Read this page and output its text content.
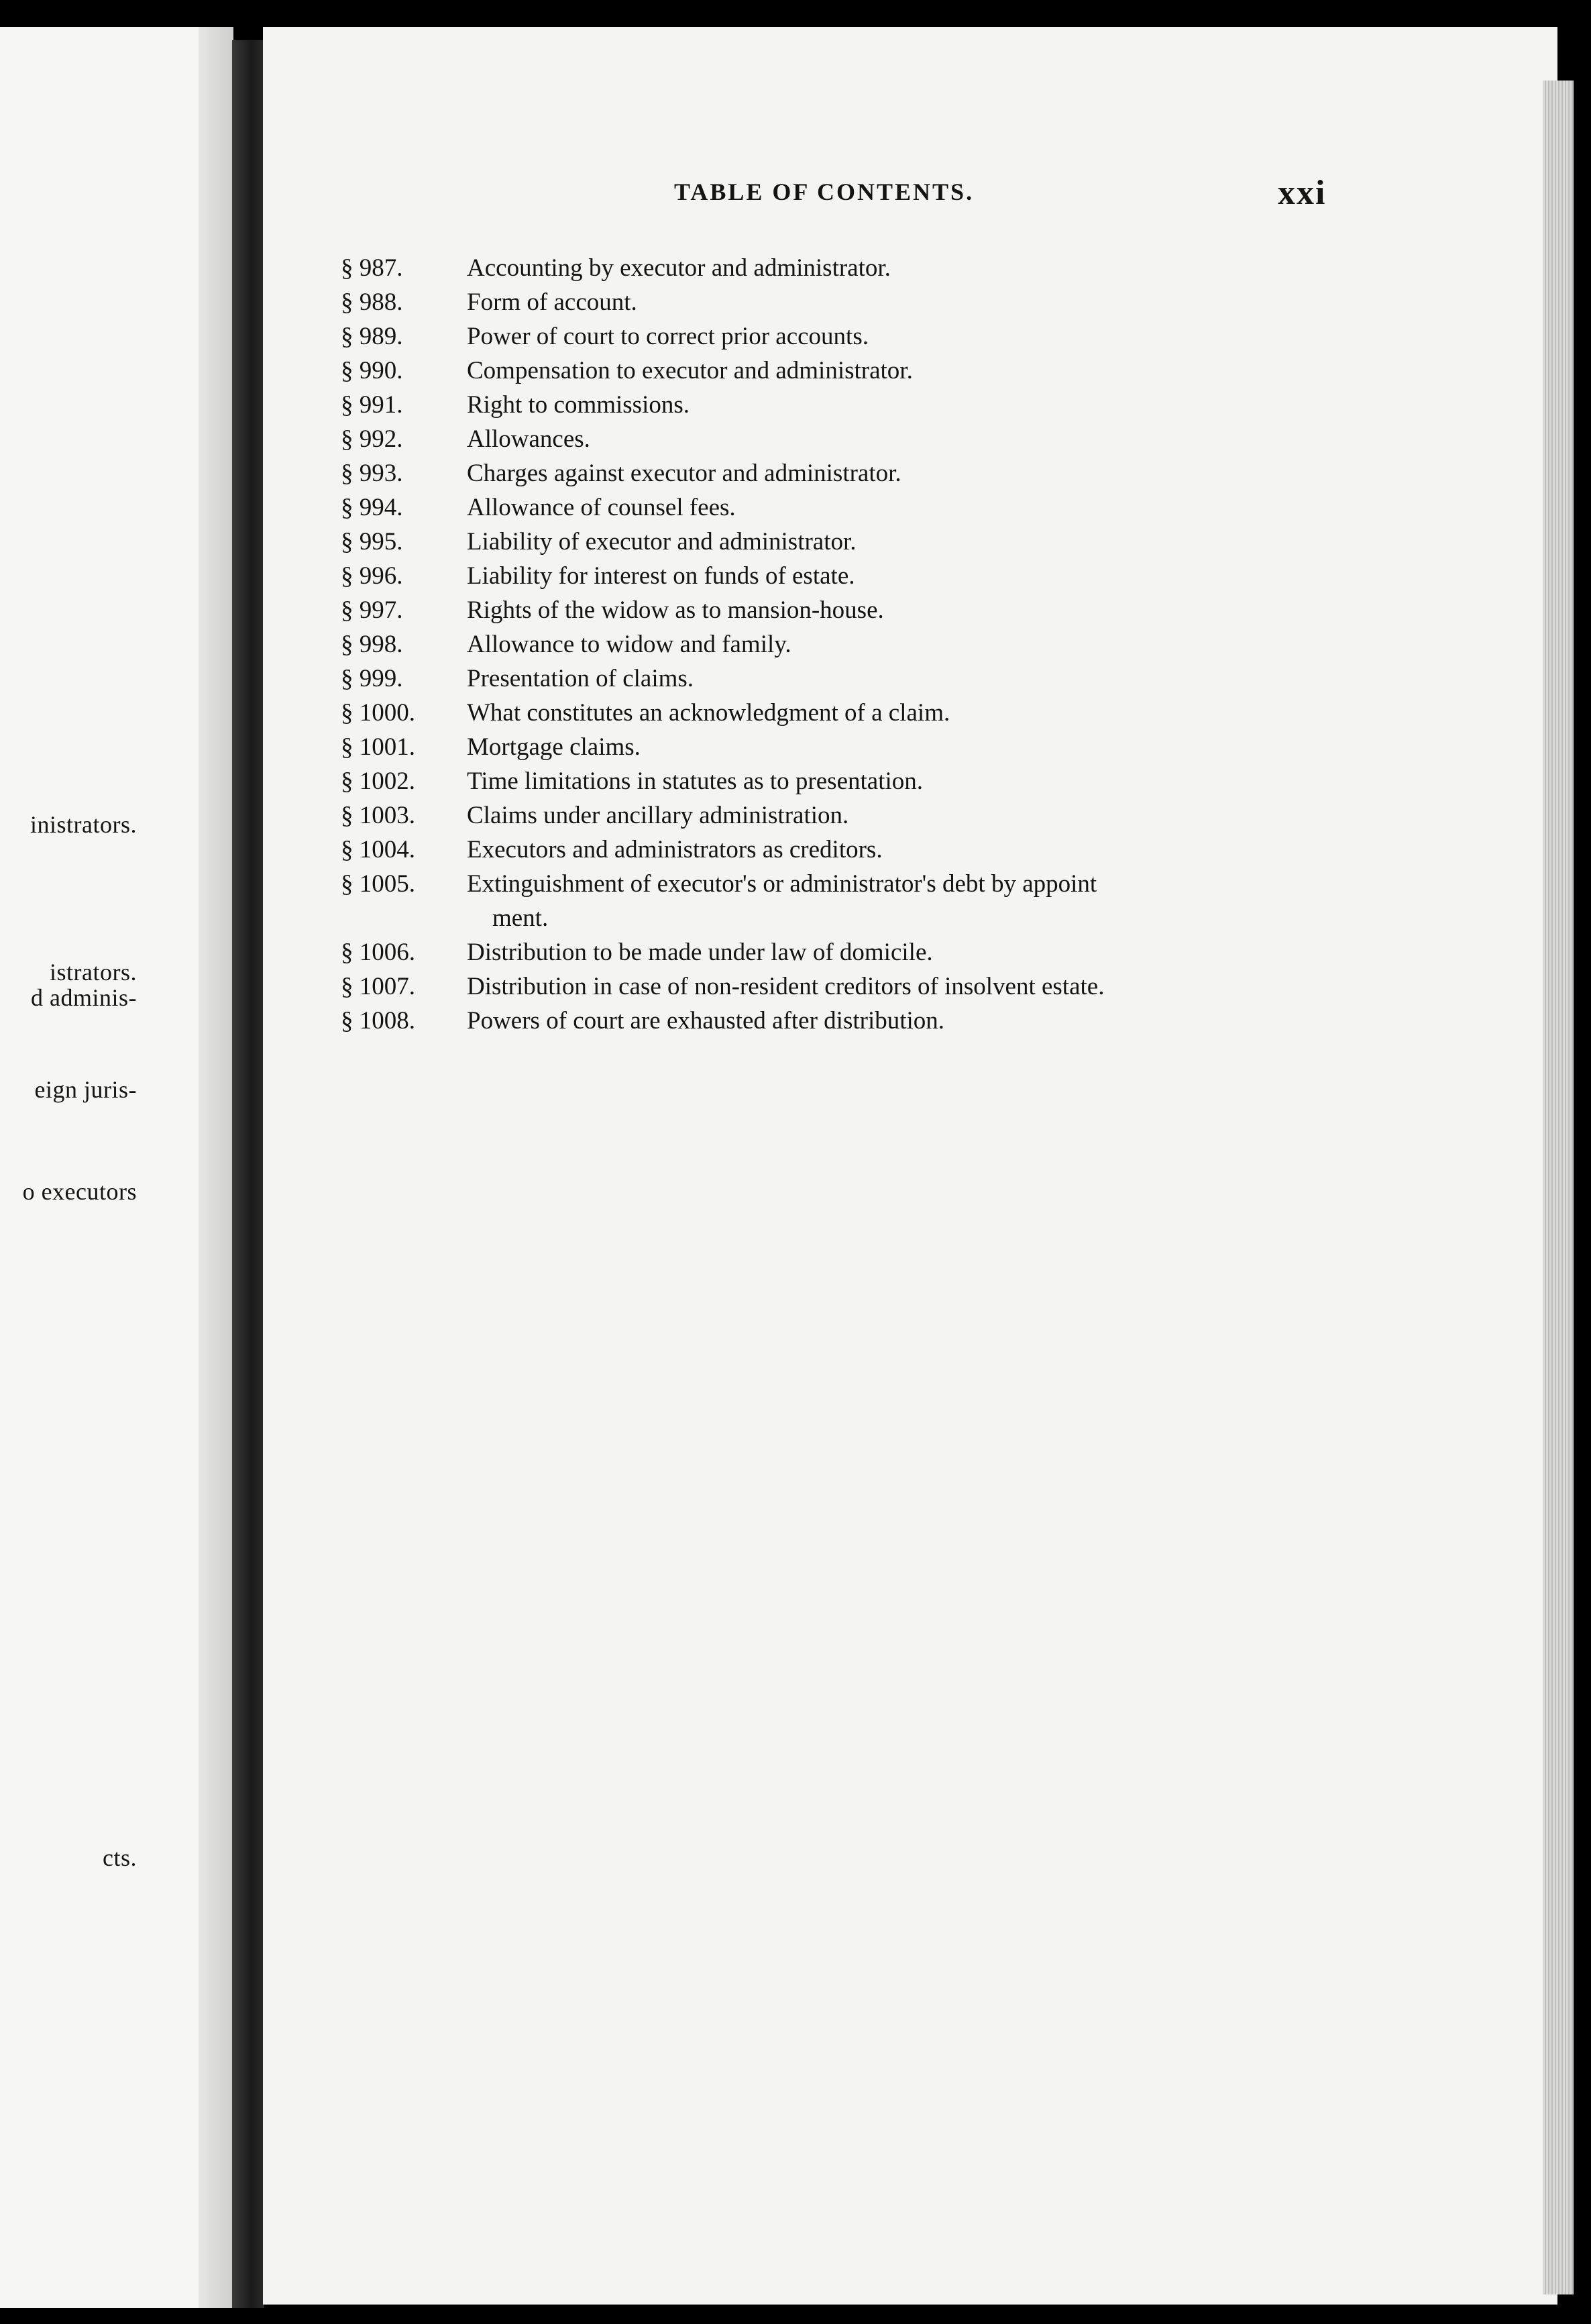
inistrators.
istrators.
d adminis-
eign juris-
o executors
cts.
TABLE OF CONTENTS.	xxi
§ 987.	Accounting by executor and administrator.
§ 988.	Form of account.
§ 989.	Power of court to correct prior accounts.
§ 990.	Compensation to executor and administrator.
§ 991.	Right to commissions.
§ 992.	Allowances.
§ 993.	Charges against executor and administrator.
§ 994.	Allowance of counsel fees.
§ 995.	Liability of executor and administrator.
§ 996.	Liability for interest on funds of estate.
§ 997.	Rights of the widow as to mansion-house.
§ 998.	Allowance to widow and family.
§ 999.	Presentation of claims.
§ 1000.	What constitutes an acknowledgment of a claim.
§ 1001.	Mortgage claims.
§ 1002.	Time limitations in statutes as to presentation.
§ 1003.	Claims under ancillary administration.
§ 1004.	Executors and administrators as creditors.
§ 1005.	Extinguishment of executor's or administrator's debt by appoint
ment.
§ 1006.	Distribution to be made under law of domicile.
§ 1007.	Distribution in case of non-resident creditors of insolvent estate.
§ 1008.	Powers of court are exhausted after distribution.
